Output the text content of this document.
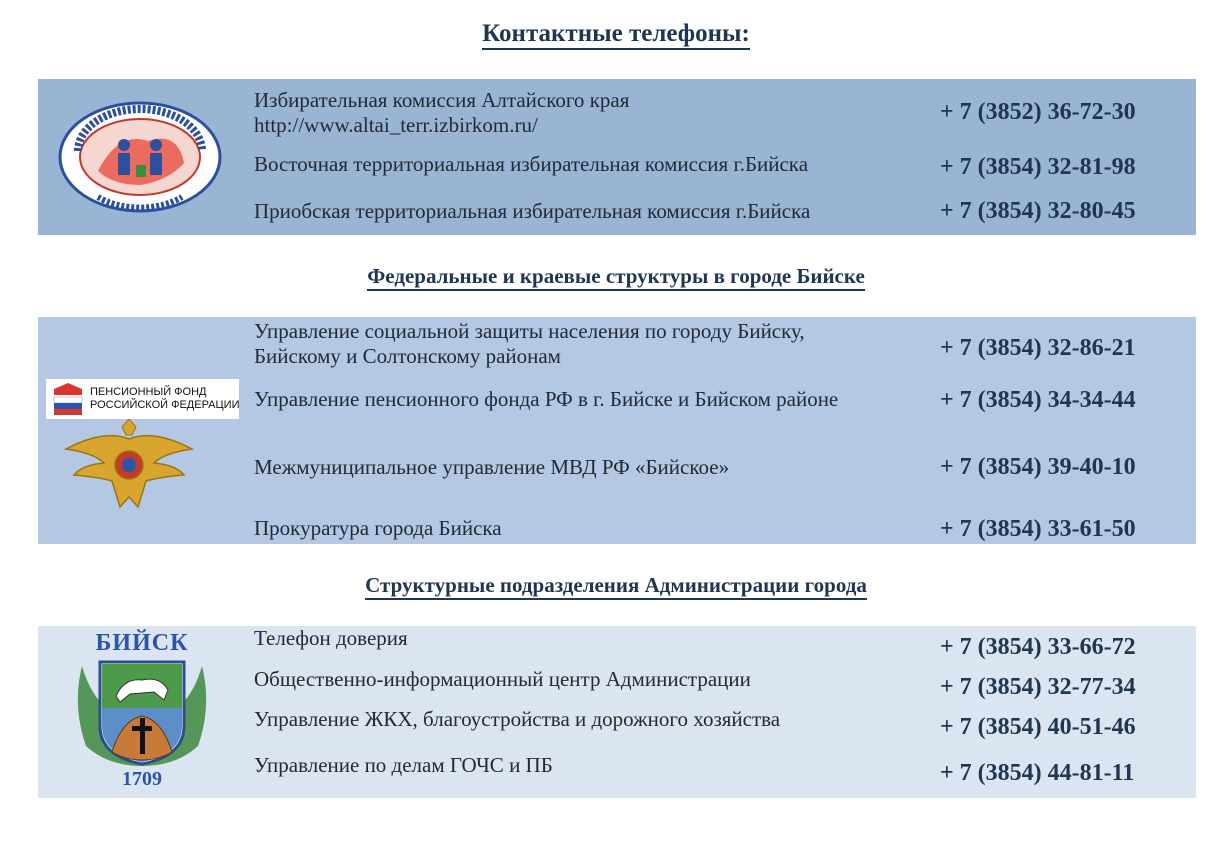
Контактные телефоны:
Избирательная комиссия Алтайского края
http://www.altai_terr.izbirkom.ru/	+ 7 (3852) 36-72-30
Восточная территориальная избирательная комиссия г.Бийска	+ 7 (3854) 32-81-98
Приобская территориальная избирательная комиссия г.Бийска	+ 7 (3854) 32-80-45
Федеральные и краевые структуры в городе Бийске
ПЕНСИОННЫЙ ФОНД
РОССИЙСКОЙ ФЕДЕРАЦИИ
Управление социальной защиты населения по городу Бийску,
Бийскому и Солтонскому районам	+ 7 (3854) 32-86-21
Управление пенсионного фонда РФ в г. Бийске и Бийском районе	+ 7 (3854) 34-34-44
Межмуниципальное управление МВД РФ «Бийское»	+ 7 (3854) 39-40-10
Прокуратура города Бийска	+ 7 (3854) 33-61-50
Структурные подразделения Администрации города
БИЙСК
1709
Телефон доверия	+ 7 (3854) 33-66-72
Общественно-информационный центр Администрации	+ 7 (3854) 32-77-34
Управление ЖКХ, благоустройства и дорожного хозяйства	+ 7 (3854) 40-51-46
Управление по делам ГОЧС и ПБ	+ 7 (3854) 44-81-11
